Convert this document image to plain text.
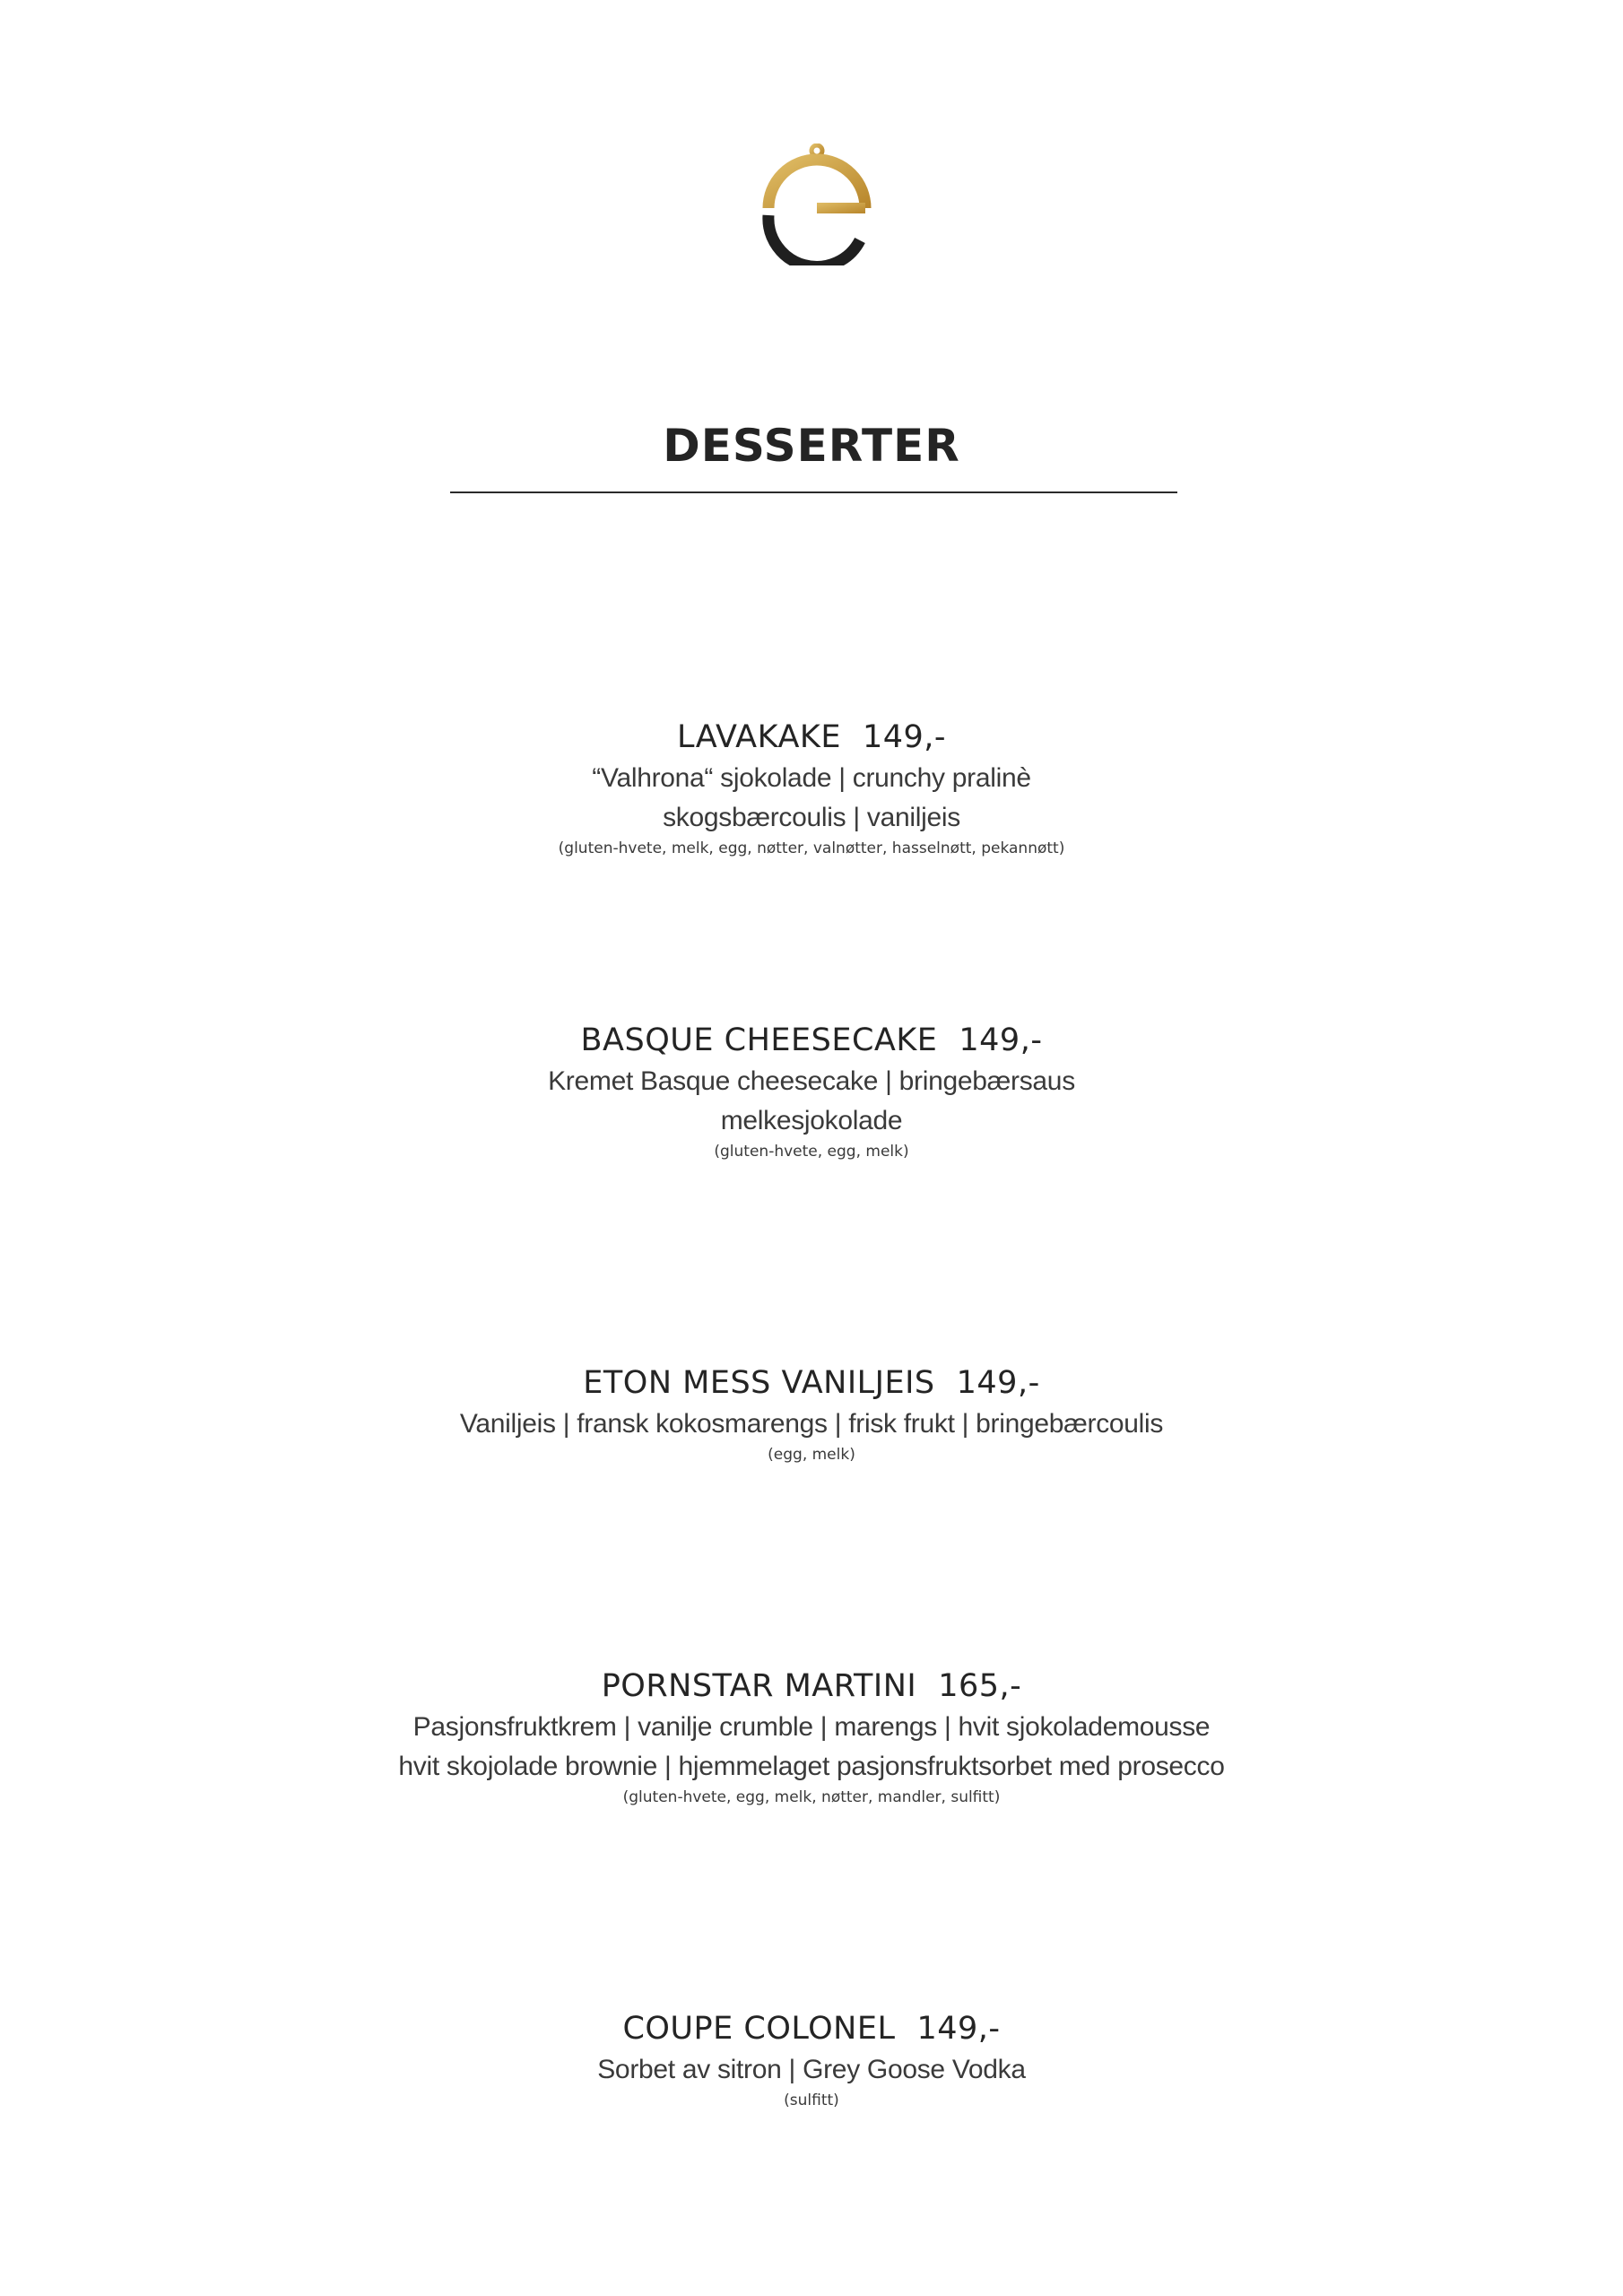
DESSERTER
LAVAKAKE 149,-
“Valhrona“ sjokolade | crunchy pralinè
skogsbærcoulis | vaniljeis
(gluten-hvete, melk, egg, nøtter, valnøtter, hasselnøtt, pekannøtt)
BASQUE CHEESECAKE 149,-
Kremet Basque cheesecake | bringebærsaus
melkesjokolade
(gluten-hvete, egg, melk)
ETON MESS VANILJEIS 149,-
Vaniljeis | fransk kokosmarengs | frisk frukt | bringebærcoulis
(egg, melk)
PORNSTAR MARTINI 165,-
Pasjonsfruktkrem | vanilje crumble | marengs | hvit sjokolademousse
hvit skojolade brownie | hjemmelaget pasjonsfruktsorbet med prosecco
(gluten-hvete, egg, melk, nøtter, mandler, sulfitt)
COUPE COLONEL 149,-
Sorbet av sitron | Grey Goose Vodka
(sulfitt)
